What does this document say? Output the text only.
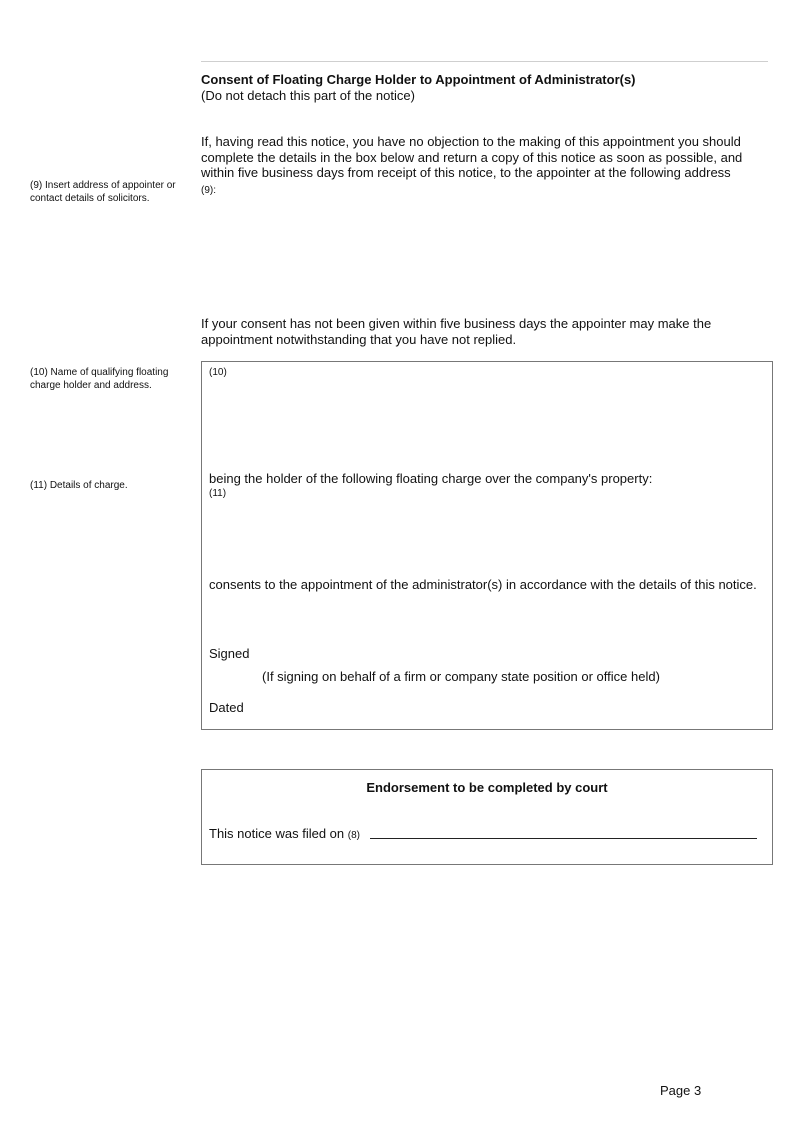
Consent of Floating Charge Holder to Appointment of Administrator(s)
(Do not detach this part of the notice)
If, having read this notice, you have no objection to the making of this appointment you should complete the details in the box below and return a copy of this notice as soon as possible, and within five business days from receipt of this notice, to the appointer at the following address
(9):
(9) Insert address of appointer or contact details of solicitors.
If your consent has not been given within five business days the appointer may make the appointment notwithstanding that you have not replied.
(10) Name of qualifying floating charge holder and address.
(11) Details of charge.
(10)
being the holder of the following floating charge over the company's property:
(11)
consents to the appointment of the administrator(s) in accordance with the details of this notice.
Signed
(If signing on behalf of a firm or company state position or office held)
Dated
Endorsement to be completed by court
This notice was filed on (8)
Page 3
